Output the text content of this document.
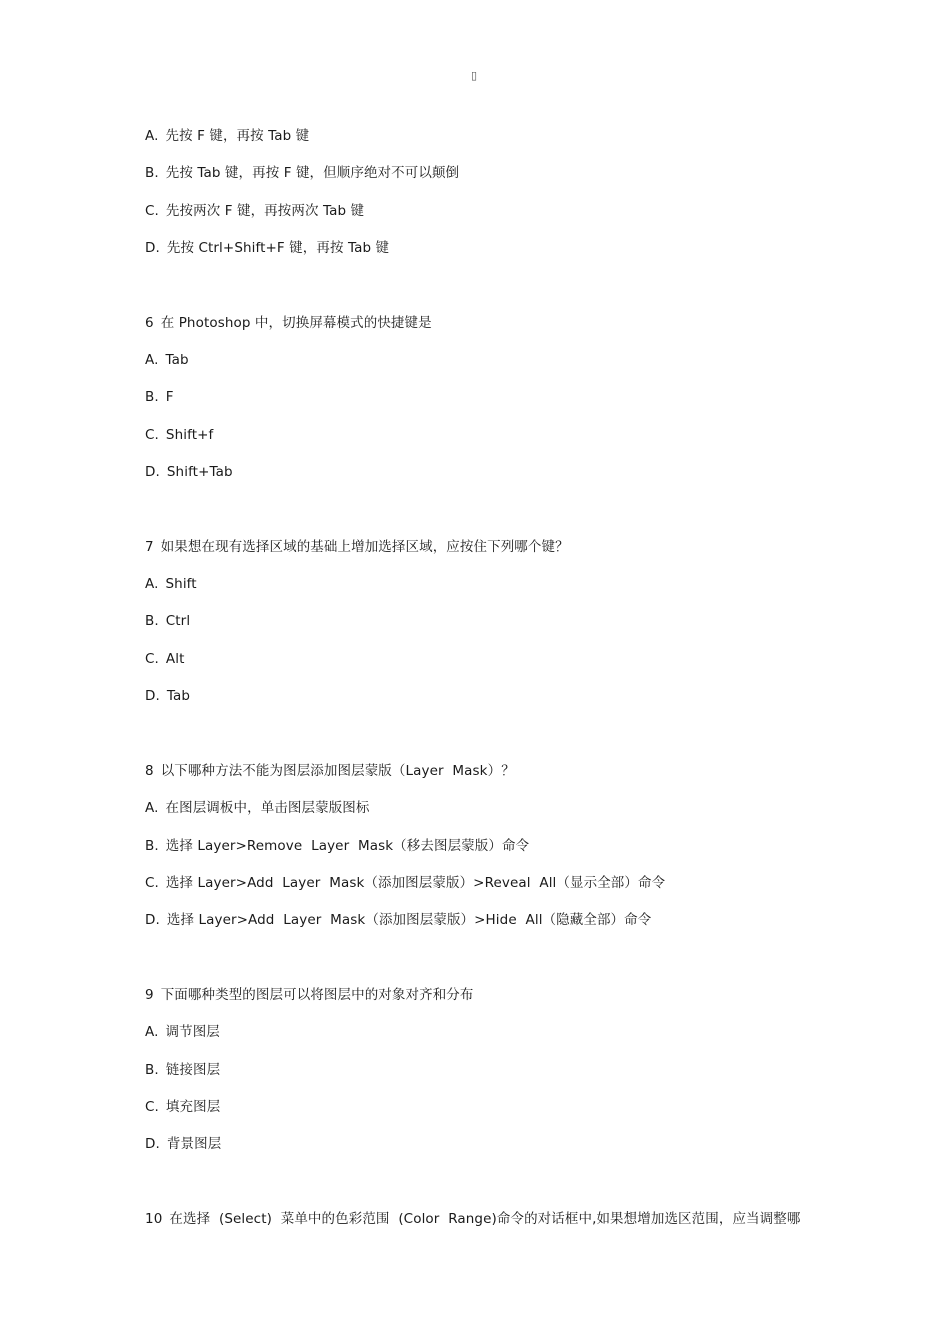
▯
A. 先按 F 键，再按 Tab 键
B. 先按 Tab 键，再按 F 键，但顺序绝对不可以颠倒
C. 先按两次 F 键，再按两次 Tab 键
D. 先按 Ctrl+Shift+F 键，再按 Tab 键
6 在 Photoshop 中，切换屏幕模式的快捷键是
A. Tab
B. F
C. Shift+f
D. Shift+Tab
7 如果想在现有选择区域的基础上增加选择区域，应按住下列哪个键？
A. Shift
B. Ctrl
C. Alt
D. Tab
8 以下哪种方法不能为图层添加图层蒙版（Layer  Mask）？
A. 在图层调板中，单击图层蒙版图标
B. 选择 Layer>Remove  Layer  Mask（移去图层蒙版）命令
C. 选择 Layer>Add  Layer  Mask（添加图层蒙版）>Reveal  All（显示全部）命令
D. 选择 Layer>Add  Layer  Mask（添加图层蒙版）>Hide  All（隐藏全部）命令
9 下面哪种类型的图层可以将图层中的对象对齐和分布
A. 调节图层
B. 链接图层
C. 填充图层
D. 背景图层
10 在选择  (Select)  菜单中的色彩范围  (Color  Range)命令的对话框中,如果想增加选区范围，应当调整哪
